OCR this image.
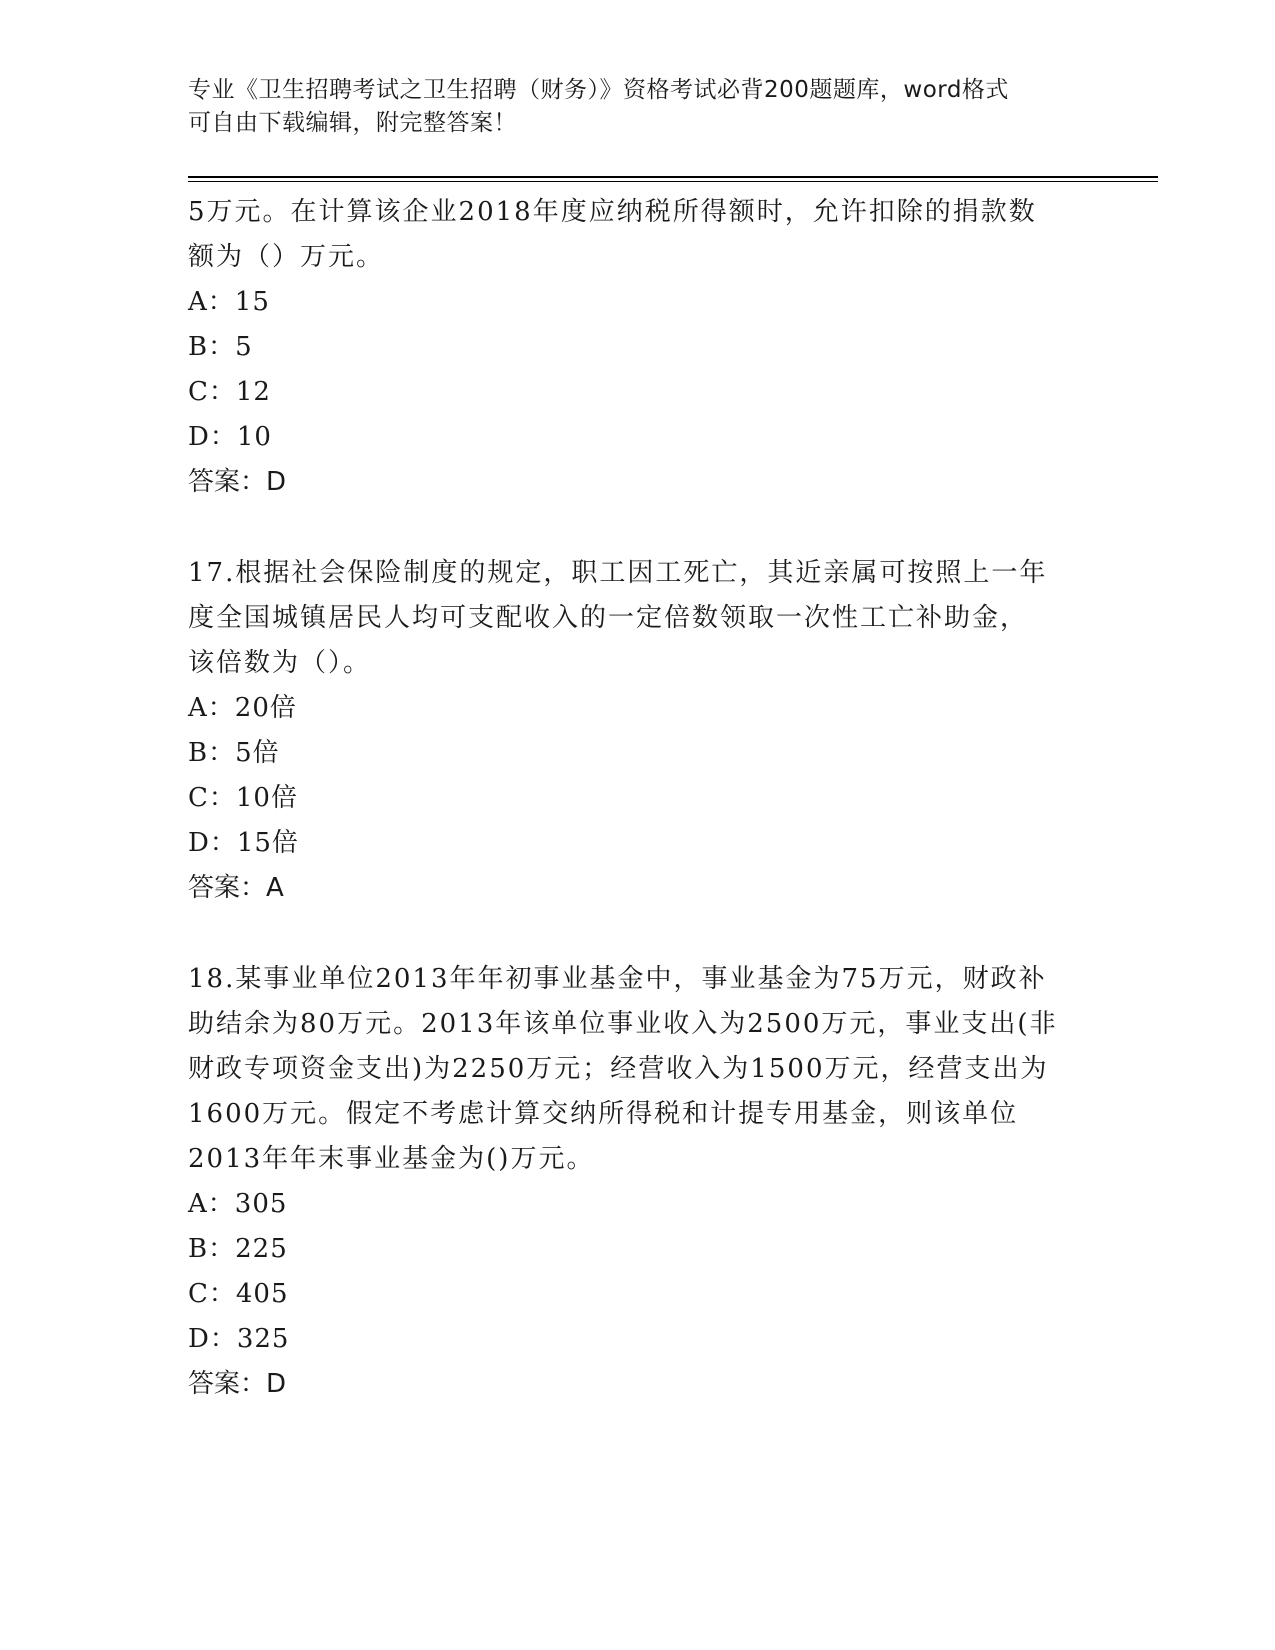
专业《卫生招聘考试之卫生招聘（财务）》资格考试必背200题题库，word格式
可自由下载编辑，附完整答案！
5万元。在计算该企业2018年度应纳税所得额时，允许扣除的捐款数
额为（）万元。
A：15
B：5
C：12
D：10
答案：D
17.根据社会保险制度的规定，职工因工死亡，其近亲属可按照上一年
度全国城镇居民人均可支配收入的一定倍数领取一次性工亡补助金，
该倍数为（）。
A：20倍
B：5倍
C：10倍
D：15倍
答案：A
18.某事业单位2013年年初事业基金中，事业基金为75万元，财政补
助结余为80万元。2013年该单位事业收入为2500万元，事业支出(非
财政专项资金支出)为2250万元；经营收入为1500万元，经营支出为
1600万元。假定不考虑计算交纳所得税和计提专用基金，则该单位
2013年年末事业基金为()万元。
A：305
B：225
C：405
D：325
答案：D
